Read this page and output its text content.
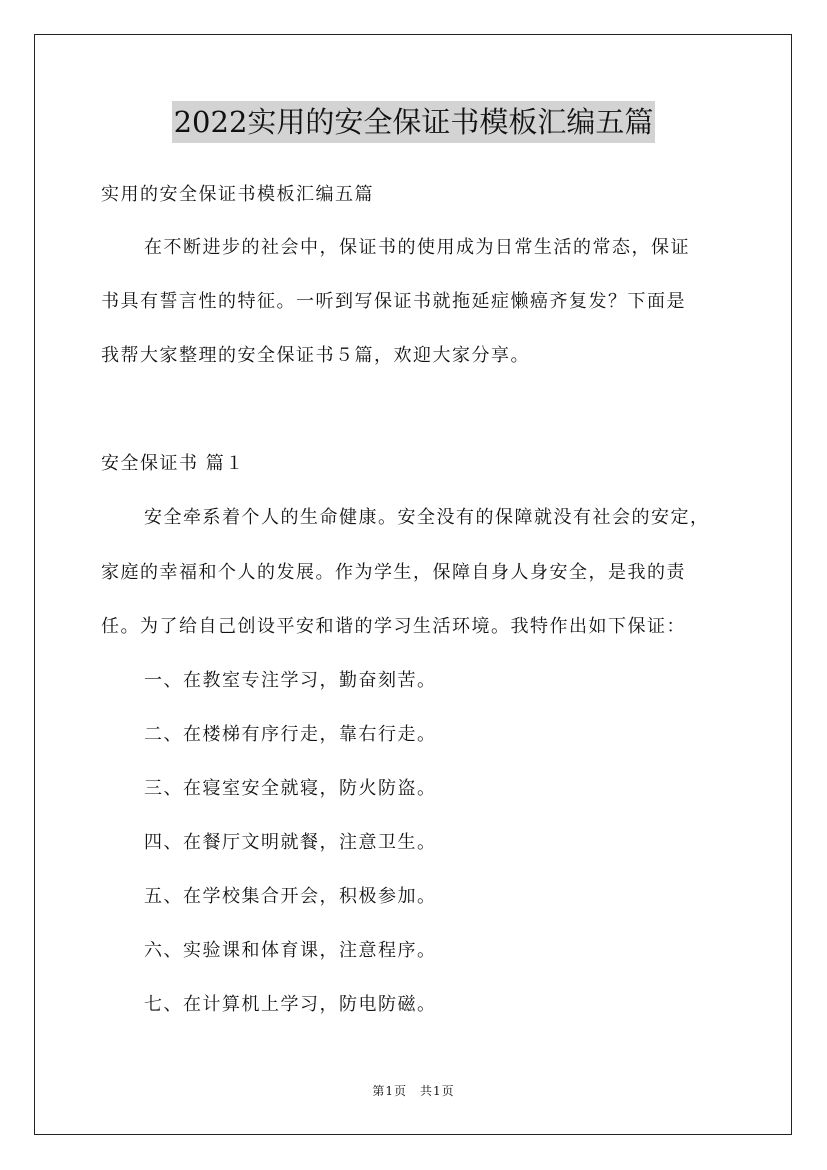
2022实用的安全保证书模板汇编五篇
实用的安全保证书模板汇编五篇
在不断进步的社会中，保证书的使用成为日常生活的常态，保证
书具有誓言性的特征。一听到写保证书就拖延症懒癌齐复发？下面是
我帮大家整理的安全保证书５篇，欢迎大家分享。
安全保证书 篇１
安全牵系着个人的生命健康。安全没有的保障就没有社会的安定，
家庭的幸福和个人的发展。作为学生，保障自身人身安全，是我的责
任。为了给自己创设平安和谐的学习生活环境。我特作出如下保证：
一、在教室专注学习，勤奋刻苦。
二、在楼梯有序行走，靠右行走。
三、在寝室安全就寝，防火防盗。
四、在餐厅文明就餐，注意卫生。
五、在学校集合开会，积极参加。
六、实验课和体育课，注意程序。
七、在计算机上学习，防电防磁。
第1页　共1页
